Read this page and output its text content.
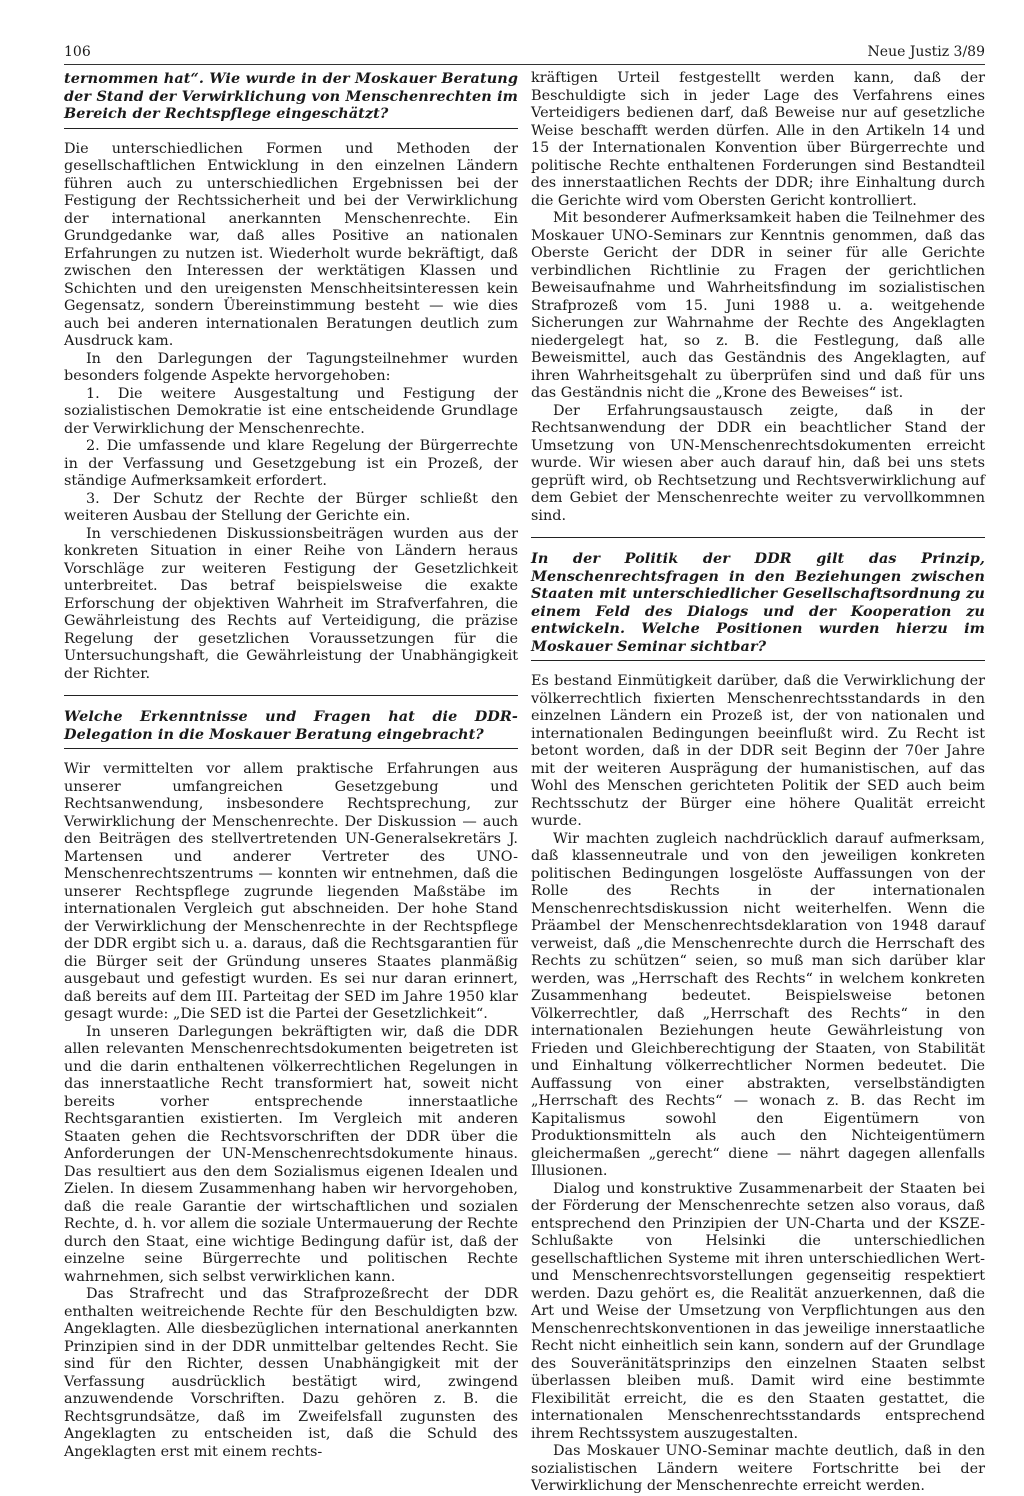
106	Neue Justiz 3/89
ternommen hat“. Wie wurde in der Moskauer Beratung der Stand der Verwirklichung von Menschenrechten im Bereich der Rechtspflege eingeschätzt?

Die unterschiedlichen Formen und Methoden der gesellschaftlichen Entwicklung in den einzelnen Ländern führen auch zu unterschiedlichen Ergebnissen bei der Festigung der Rechtssicherheit und bei der Verwirklichung der international anerkannten Menschenrechte. Ein Grundgedanke war, daß alles Positive an nationalen Erfahrungen zu nutzen ist. Wiederholt wurde bekräftigt, daß zwischen den Interessen der werktätigen Klassen und Schichten und den ureigensten Menschheitsinteressen kein Gegensatz, sondern Übereinstimmung besteht — wie dies auch bei anderen internationalen Beratungen deutlich zum Ausdruck kam.

In den Darlegungen der Tagungsteilnehmer wurden besonders folgende Aspekte hervorgehoben:

1. Die weitere Ausgestaltung und Festigung der sozialistischen Demokratie ist eine entscheidende Grundlage der Verwirklichung der Menschenrechte.

2. Die umfassende und klare Regelung der Bürgerrechte in der Verfassung und Gesetzgebung ist ein Prozeß, der ständige Aufmerksamkeit erfordert.

3. Der Schutz der Rechte der Bürger schließt den weiteren Ausbau der Stellung der Gerichte ein.

In verschiedenen Diskussionsbeiträgen wurden aus der konkreten Situation in einer Reihe von Ländern heraus Vorschläge zur weiteren Festigung der Gesetzlichkeit unterbreitet. Das betraf beispielsweise die exakte Erforschung der objektiven Wahrheit im Strafverfahren, die Gewährleistung des Rechts auf Verteidigung, die präzise Regelung der gesetzlichen Voraussetzungen für die Untersuchungshaft, die Gewährleistung der Unabhängigkeit der Richter.

Welche Erkenntnisse und Fragen hat die DDR-Delegation in die Moskauer Beratung eingebracht?

Wir vermittelten vor allem praktische Erfahrungen aus unserer umfangreichen Gesetzgebung und Rechtsanwendung, insbesondere Rechtsprechung, zur Verwirklichung der Menschenrechte. Der Diskussion — auch den Beiträgen des stellvertretenden UN-Generalsekretärs J. Martensen und anderer Vertreter des UNO-Menschenrechtszentrums — konnten wir entnehmen, daß die unserer Rechtspflege zugrunde liegenden Maßstäbe im internationalen Vergleich gut abschneiden. Der hohe Stand der Verwirklichung der Menschenrechte in der Rechtspflege der DDR ergibt sich u. a. daraus, daß die Rechtsgarantien für die Bürger seit der Gründung unseres Staates planmäßig ausgebaut und gefestigt wurden. Es sei nur daran erinnert, daß bereits auf dem III. Parteitag der SED im Jahre 1950 klar gesagt wurde: „Die SED ist die Partei der Gesetzlichkeit“.

In unseren Darlegungen bekräftigten wir, daß die DDR allen relevanten Menschenrechtsdokumenten beigetreten ist und die darin enthaltenen völkerrechtlichen Regelungen in das innerstaatliche Recht transformiert hat, soweit nicht bereits vorher entsprechende innerstaatliche Rechtsgarantien existierten. Im Vergleich mit anderen Staaten gehen die Rechtsvorschriften der DDR über die Anforderungen der UN-Menschenrechtsdokumente hinaus. Das resultiert aus den dem Sozialismus eigenen Idealen und Zielen. In diesem Zusammenhang haben wir hervorgehoben, daß die reale Garantie der wirtschaftlichen und sozialen Rechte, d. h. vor allem die soziale Untermauerung der Rechte durch den Staat, eine wichtige Bedingung dafür ist, daß der einzelne seine Bürgerrechte und politischen Rechte wahrnehmen, sich selbst verwirklichen kann.

Das Strafrecht und das Strafprozeßrecht der DDR enthalten weitreichende Rechte für den Beschuldigten bzw. Angeklagten. Alle diesbezüglichen international anerkannten Prinzipien sind in der DDR unmittelbar geltendes Recht. Sie sind für den Richter, dessen Unabhängigkeit mit der Verfassung ausdrücklich bestätigt wird, zwingend anzuwendende Vorschriften. Dazu gehören z. B. die Rechtsgrundsätze, daß im Zweifelsfall zugunsten des Angeklagten zu entscheiden ist, daß die Schuld des Angeklagten erst mit einem rechts-

kräftigen Urteil festgestellt werden kann, daß der Beschuldigte sich in jeder Lage des Verfahrens eines Verteidigers bedienen darf, daß Beweise nur auf gesetzliche Weise beschafft werden dürfen. Alle in den Artikeln 14 und 15 der Internationalen Konvention über Bürgerrechte und politische Rechte enthaltenen Forderungen sind Bestandteil des innerstaatlichen Rechts der DDR; ihre Einhaltung durch die Gerichte wird vom Obersten Gericht kontrolliert.

Mit besonderer Aufmerksamkeit haben die Teilnehmer des Moskauer UNO-Seminars zur Kenntnis genommen, daß das Oberste Gericht der DDR in seiner für alle Gerichte verbindlichen Richtlinie zu Fragen der gerichtlichen Beweisaufnahme und Wahrheitsfindung im sozialistischen Strafprozeß vom 15. Juni 1988 u. a. weitgehende Sicherungen zur Wahrnahme der Rechte des Angeklagten niedergelegt hat, so z. B. die Festlegung, daß alle Beweismittel, auch das Geständnis des Angeklagten, auf ihren Wahrheitsgehalt zu überprüfen sind und daß für uns das Geständnis nicht die „Krone des Beweises“ ist.

Der Erfahrungsaustausch zeigte, daß in der Rechtsanwendung der DDR ein beachtlicher Stand der Umsetzung von UN-Menschenrechtsdokumenten erreicht wurde. Wir wiesen aber auch darauf hin, daß bei uns stets geprüft wird, ob Rechtsetzung und Rechtsverwirklichung auf dem Gebiet der Menschenrechte weiter zu vervollkommnen sind.

In der Politik der DDR gilt das Prinzip, Menschenrechtsfragen in den Beziehungen zwischen Staaten mit unterschiedlicher Gesellschaftsordnung zu einem Feld des Dialogs und der Kooperation zu entwickeln. Welche Positionen wurden hierzu im Moskauer Seminar sichtbar?

Es bestand Einmütigkeit darüber, daß die Verwirklichung der völkerrechtlich fixierten Menschenrechtsstandards in den einzelnen Ländern ein Prozeß ist, der von nationalen und internationalen Bedingungen beeinflußt wird. Zu Recht ist betont worden, daß in der DDR seit Beginn der 70er Jahre mit der weiteren Ausprägung der humanistischen, auf das Wohl des Menschen gerichteten Politik der SED auch beim Rechtsschutz der Bürger eine höhere Qualität erreicht wurde.

Wir machten zugleich nachdrücklich darauf aufmerksam, daß klassenneutrale und von den jeweiligen konkreten politischen Bedingungen losgelöste Auffassungen von der Rolle des Rechts in der internationalen Menschenrechtsdiskussion nicht weiterhelfen. Wenn die Präambel der Menschenrechtsdeklaration von 1948 darauf verweist, daß „die Menschenrechte durch die Herrschaft des Rechts zu schützen“ seien, so muß man sich darüber klar werden, was „Herrschaft des Rechts“ in welchem konkreten Zusammenhang bedeutet. Beispielsweise betonen Völkerrechtler, daß „Herrschaft des Rechts“ in den internationalen Beziehungen heute Gewährleistung von Frieden und Gleichberechtigung der Staaten, von Stabilität und Einhaltung völkerrechtlicher Normen bedeutet. Die Auffassung von einer abstrakten, verselbständigten „Herrschaft des Rechts“ — wonach z. B. das Recht im Kapitalismus sowohl den Eigentümern von Produktionsmitteln als auch den Nichteigentümern gleichermaßen „gerecht“ diene — nährt dagegen allenfalls Illusionen.

Dialog und konstruktive Zusammenarbeit der Staaten bei der Förderung der Menschenrechte setzen also voraus, daß entsprechend den Prinzipien der UN-Charta und der KSZE-Schlußakte von Helsinki die unterschiedlichen gesellschaftlichen Systeme mit ihren unterschiedlichen Wert- und Menschenrechtsvorstellungen gegenseitig respektiert werden. Dazu gehört es, die Realität anzuerkennen, daß die Art und Weise der Umsetzung von Verpflichtungen aus den Menschenrechtskonventionen in das jeweilige innerstaatliche Recht nicht einheitlich sein kann, sondern auf der Grundlage des Souveränitätsprinzips den einzelnen Staaten selbst überlassen bleiben muß. Damit wird eine bestimmte Flexibilität erreicht, die es den Staaten gestattet, die internationalen Menschenrechtsstandards entsprechend ihrem Rechtssystem auszugestalten.

Das Moskauer UNO-Seminar machte deutlich, daß in den sozialistischen Ländern weitere Fortschritte bei der Verwirklichung der Menschenrechte erreicht werden.
